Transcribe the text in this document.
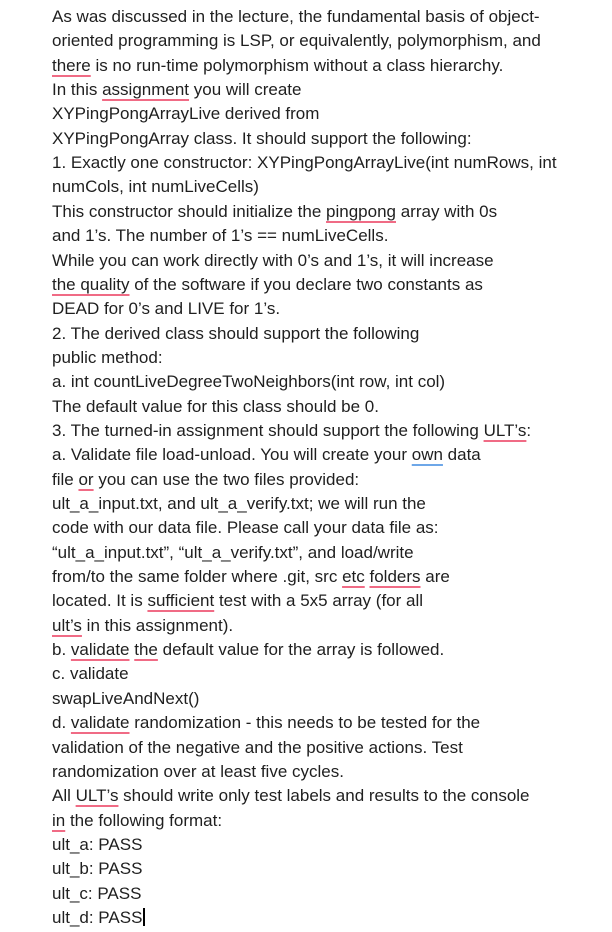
As was discussed in the lecture, the fundamental basis of object-
oriented programming is LSP, or equivalently, polymorphism, and
there is no run-time polymorphism without a class hierarchy.
In this assignment you will create
XYPingPongArrayLive derived from
XYPingPongArray class. It should support the following:
1. Exactly one constructor: XYPingPongArrayLive(int numRows, int
numCols, int numLiveCells)
This constructor should initialize the pingpong array with 0s
and 1’s. The number of 1’s == numLiveCells.
While you can work directly with 0’s and 1’s, it will increase
the quality of the software if you declare two constants as
DEAD for 0’s and LIVE for 1’s.
2. The derived class should support the following
public method:
a. int countLiveDegreeTwoNeighbors(int row, int col)
The default value for this class should be 0.
3. The turned-in assignment should support the following ULT’s:
a. Validate file load-unload. You will create your own data
file or you can use the two files provided:
ult_a_input.txt, and ult_a_verify.txt; we will run the
code with our data file. Please call your data file as:
“ult_a_input.txt”, “ult_a_verify.txt”, and load/write
from/to the same folder where .git, src etc folders are
located. It is sufficient test with a 5x5 array (for all
ult’s in this assignment).
b. validate the default value for the array is followed.
c. validate
swapLiveAndNext()
d. validate randomization - this needs to be tested for the
validation of the negative and the positive actions. Test
randomization over at least five cycles.
All ULT’s should write only test labels and results to the console
in the following format:
ult_a: PASS
ult_b: PASS
ult_c: PASS
ult_d: PASS
